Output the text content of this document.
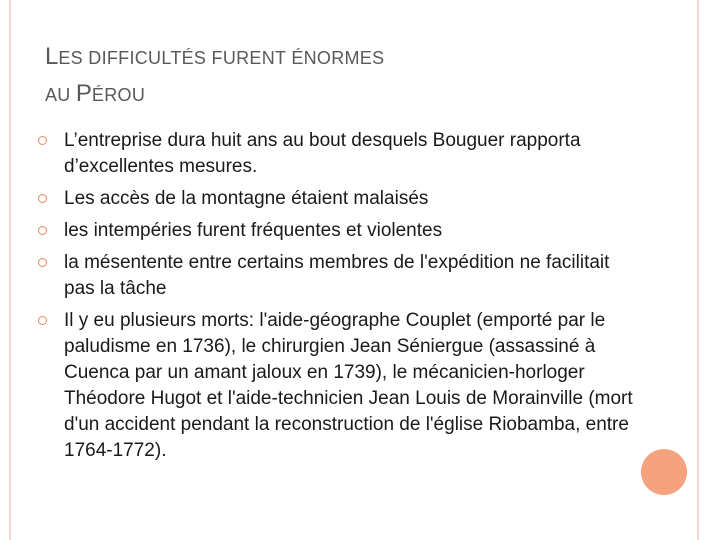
LES DIFFICULTÉS FURENT ÉNORMES
AU PÉROU
L’entreprise dura huit ans au bout desquels Bouguer rapporta d’excellentes mesures.
Les accès de la montagne étaient malaisés
les intempéries furent fréquentes et violentes
la mésentente entre certains membres de l'expédition ne facilitait pas la tâche
Il y eu plusieurs morts: l'aide-géographe Couplet (emporté par le paludisme en 1736), le chirurgien Jean Séniergue (assassiné à Cuenca par un amant jaloux en 1739), le mécanicien-horloger Théodore Hugot et l'aide-technicien Jean Louis de Morainville (mort d'un accident pendant la reconstruction de l'église Riobamba, entre 1764-1772).
